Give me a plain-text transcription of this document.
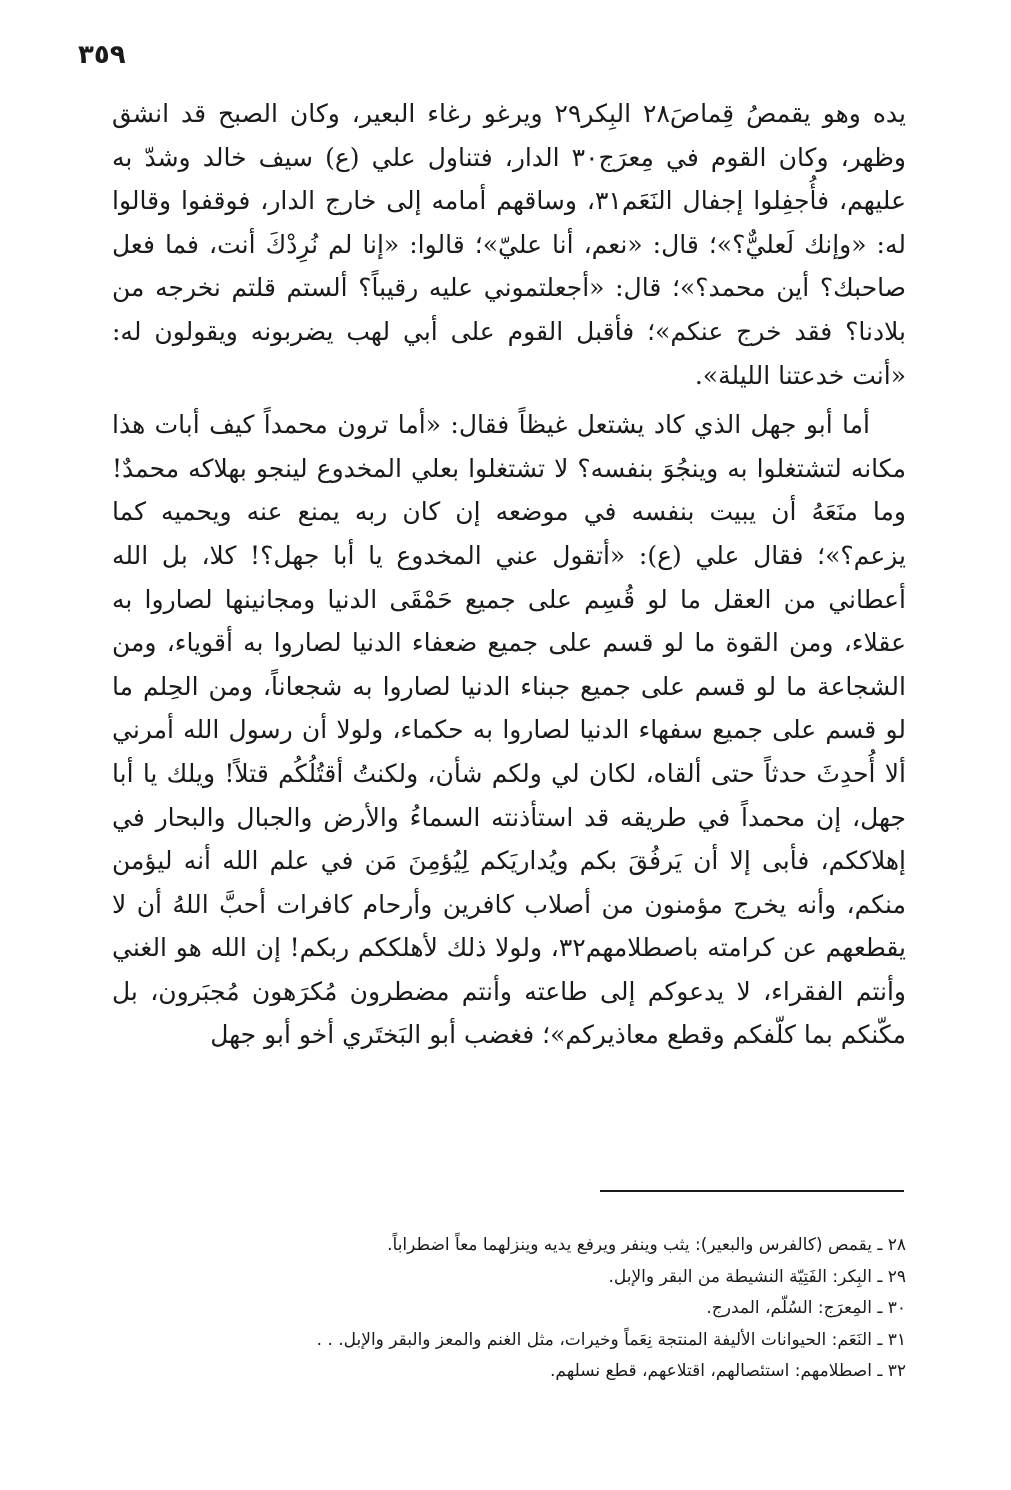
٣٥٩

يده وهو يقمصُ قِماصَ٢٨ البِكر٢٩ ويرغو رغاء البعير، وكان الصبح قد انشق وظهر، وكان القوم في مِعرَج٣٠ الدار، فتناول علي (ع) سيف خالد وشدّ به عليهم، فأُجفِلوا إجفال النَعَم٣١، وساقهم أمامه إلى خارج الدار، فوقفوا وقالوا له: «وإنك لَعليٌّ؟»؛ قال: «نعم، أنا عليّ»؛ قالوا: «إنا لم نُرِدْكَ أنت، فما فعل صاحبك؟ أين محمد؟»؛ قال: «أجعلتموني عليه رقيباً؟ ألستم قلتم نخرجه من بلادنا؟ فقد خرج عنكم»؛ فأقبل القوم على أبي لهب يضربونه ويقولون له: «أنت خدعتنا الليلة».

أما أبو جهل الذي كاد يشتعل غيظاً فقال: «أما ترون محمداً كيف أبات هذا مكانه لتشتغلوا به وينجُوَ بنفسه؟ لا تشتغلوا بعلي المخدوع لينجو بهلاكه محمدٌ! وما منَعَهُ أن يبيت بنفسه في موضعه إن كان ربه يمنع عنه ويحميه كما يزعم؟»؛ فقال علي (ع): «أتقول عني المخدوع يا أبا جهل؟! كلا، بل الله أعطاني من العقل ما لو قُسِم على جميع حَمْقَى الدنيا ومجانينها لصاروا به عقلاء، ومن القوة ما لو قسم على جميع ضعفاء الدنيا لصاروا به أقوياء، ومن الشجاعة ما لو قسم على جميع جبناء الدنيا لصاروا به شجعاناً، ومن الحِلم ما لو قسم على جميع سفهاء الدنيا لصاروا به حكماء، ولولا أن رسول الله أمرني ألا أُحدِثَ حدثاً حتى ألقاه، لكان لي ولكم شأن، ولكنتُ أقتُلُكُم قتلاً! ويلك يا أبا جهل، إن محمداً في طريقه قد استأذنته السماءُ والأرض والجبال والبحار في إهلاككم، فأبى إلا أن يَرفُقَ بكم ويُداريَكم لِيُؤمِنَ مَن في علم الله أنه ليؤمن منكم، وأنه يخرج مؤمنون من أصلاب كافرين وأرحام كافرات أحبَّ اللهُ أن لا يقطعهم عن كرامته باصطلامهم٣٢، ولولا ذلك لأهلككم ربكم! إن الله هو الغني وأنتم الفقراء، لا يدعوكم إلى طاعته وأنتم مضطرون مُكرَهون مُجبَرون، بل مكّنكم بما كلّفكم وقطع معاذيركم»؛ فغضب أبو البَختَري أخو أبو جهل

٢٨ ـ يقمص (كالفرس والبعير): يثب وينفر ويرفع يديه وينزلهما معاً اضطراباً.
٢٩ ـ البِكر: الفَتِيّة النشيطة من البقر والإبل.
٣٠ ـ المِعرَج: السُلّم، المدرج.
٣١ ـ النَعَم: الحيوانات الأليفة المنتجة نِعَماً وخيرات، مثل الغنم والمعز والبقر والإبل. . .
٣٢ ـ اصطلامهم: استئصالهم، اقتلاعهم، قطع نسلهم.
